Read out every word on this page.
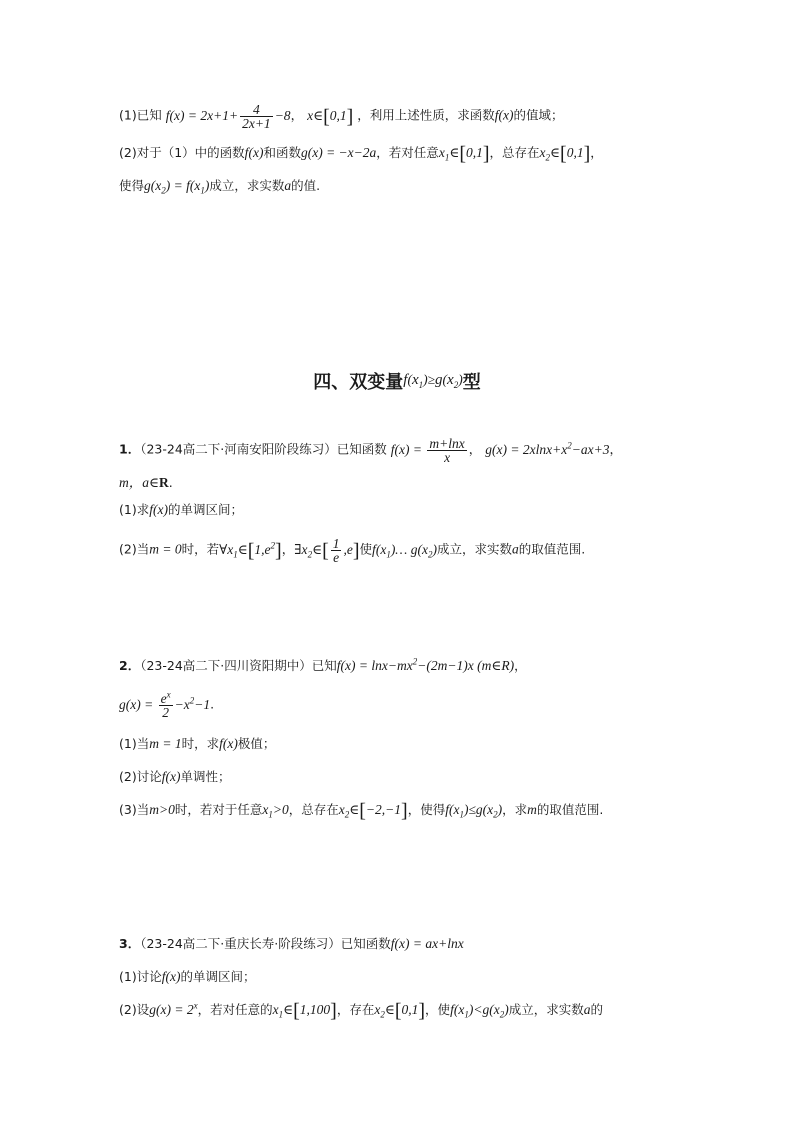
(1)已知 $f(x) = 2x+1+ \frac{4}{2x+1} -8$， x∈[0,1] ，利用上述性质，求函数f(x)的值域；
(2)对于（1）中的函数f(x)和函数g(x) = −x−2a，若对任意$x_1\in[0,1]$，总存在$x_2\in[0,1]$，
使得$g(x_2) = f(x_1)$成立，求实数a的值.
四、双变量$^{f(x_1)\ge g(x_2)}$型
1．（23-24高二下·河南安阳阶段练习）已知函数 $f(x) = \frac{m+\ln x}{x}$ ， $g(x) = 2xlnx+x^2-ax+3$，
m，a∈R.
(1)求f(x)的单调区间；
(2)当m = 0时，若$\forall x_1\in[1,e^2]$，$\exists x_2\in[ \frac{1}{e} ,e]$使$f(x_1)\dots$ $g(x_2)$成立，求实数a的取值范围.
2．（23-24高二下·四川资阳期中）已知$f(x) = \ln x-mx^2-(2m-1)x$ (m∈R)，
$g(x) = \frac{e^x}{2} -x^2-1$.
(1)当m = 1时，求f(x)极值；
(2)讨论f(x)单调性；
(3)当m>0时，若对于任意$x_1>0$，总存在$x_2\in[-2,-1]$，使得$f(x_1)\le g(x_2)$，求m的取值范围.
3．（23-24高二下·重庆长寿·阶段练习）已知函数f(x) = ax+lnx
(1)讨论f(x)的单调区间；
(2)设$g(x) = 2^x$，若对任意的$x_1\in[1,100]$，存在$x_2\in[0,1]$，使$f(x_1)<g(x_2)$成立，求实数a的
